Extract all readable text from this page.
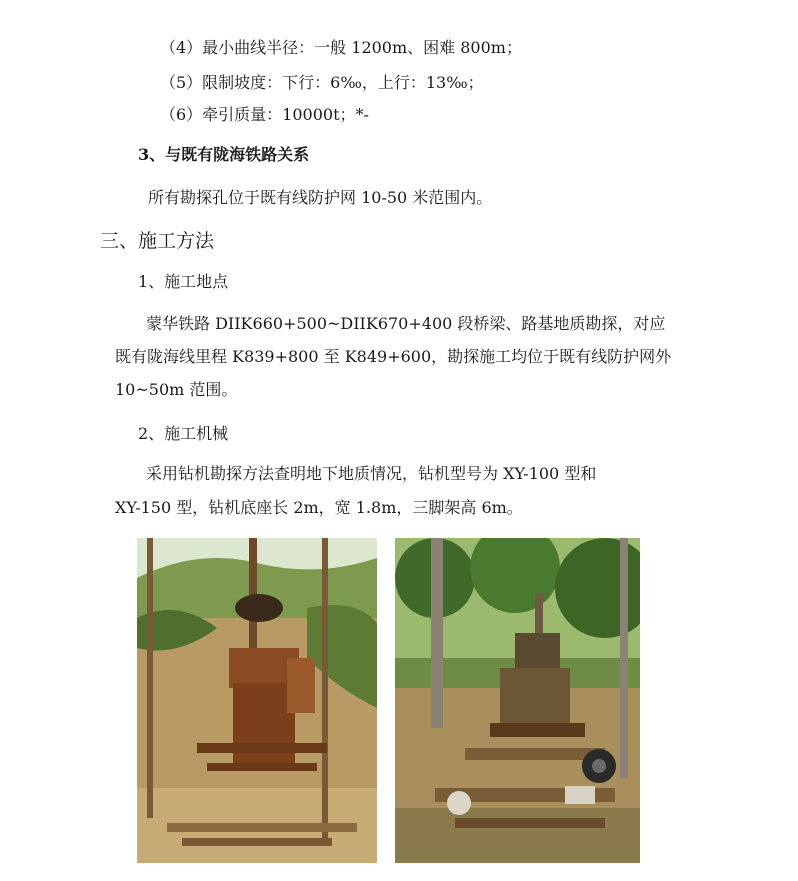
（4）最小曲线半径：一般 1200m、困难 800m；
（5）限制坡度：下行：6‰，上行：13‰；
（6）牵引质量：10000t；*-
3、与既有陇海铁路关系
所有勘探孔位于既有线防护网 10-50 米范围内。
三、施工方法
1、施工地点
蒙华铁路 DIIK660+500~DIIK670+400 段桥梁、路基地质勘探，对应
既有陇海线里程 K839+800 至 K849+600，勘探施工均位于既有线防护网外
10~50m 范围。
2、施工机械
采用钻机勘探方法查明地下地质情况，钻机型号为 XY-100 型和
XY-150 型，钻机底座长 2m，宽 1.8m，三脚架高 6m。
